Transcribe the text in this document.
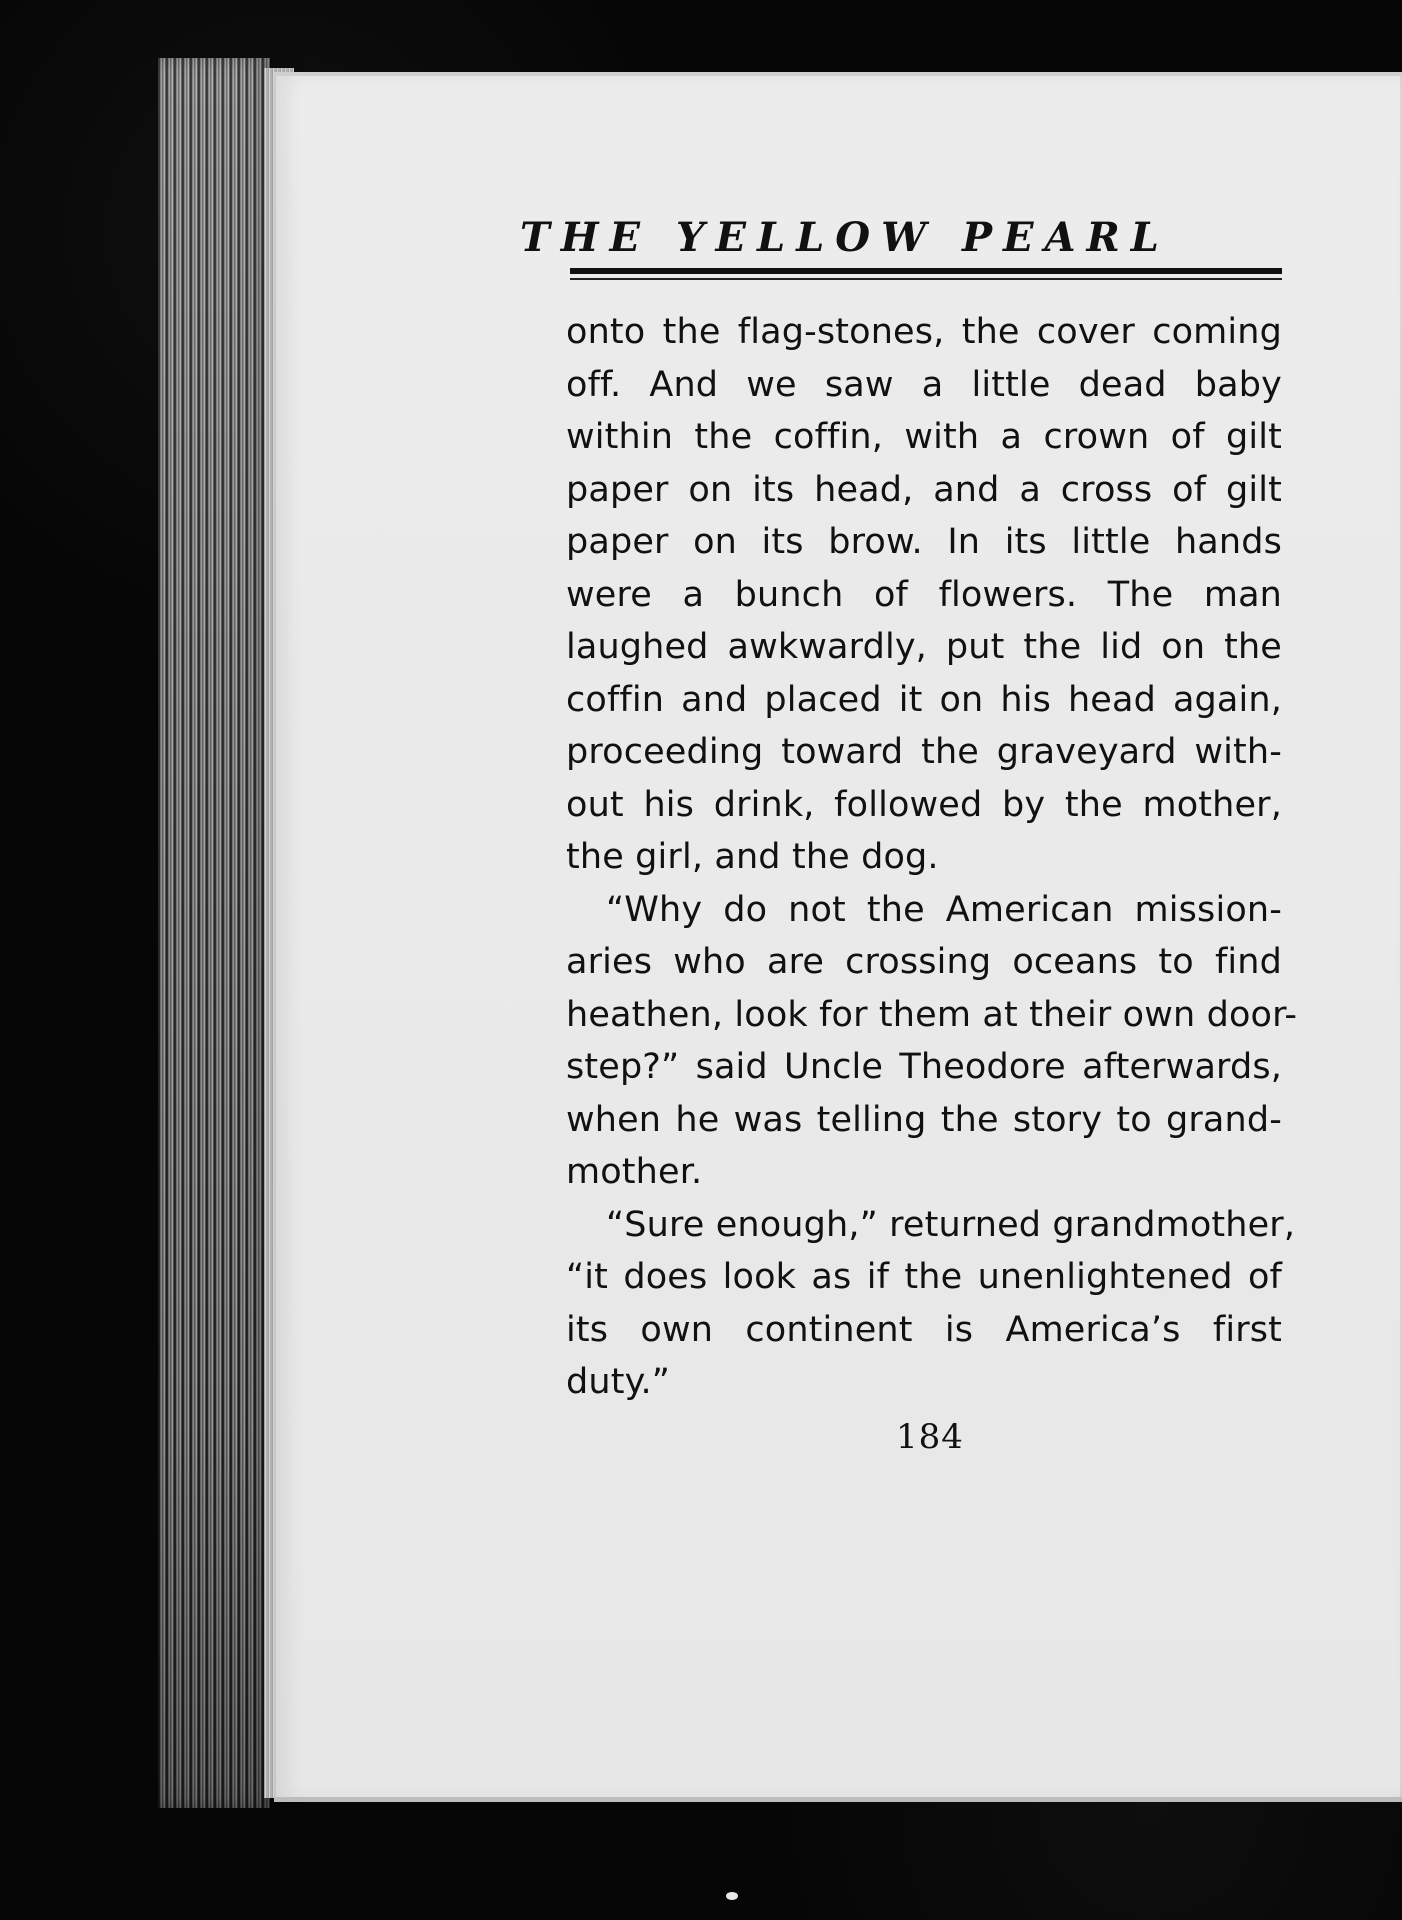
THE YELLOW PEARL
onto the flag-stones, the cover coming
off. And we saw a little dead baby
within the coffin, with a crown of gilt
paper on its head, and a cross of gilt
paper on its brow. In its little hands
were a bunch of flowers. The man
laughed awkwardly, put the lid on the
coffin and placed it on his head again,
proceeding toward the graveyard with-
out his drink, followed by the mother,
the girl, and the dog.
“Why do not the American mission-
aries who are crossing oceans to find
heathen, look for them at their own door-
step?” said Uncle Theodore afterwards,
when he was telling the story to grand-
mother.
“Sure enough,” returned grandmother,
“it does look as if the unenlightened of
its own continent is America’s first
duty.”

184
